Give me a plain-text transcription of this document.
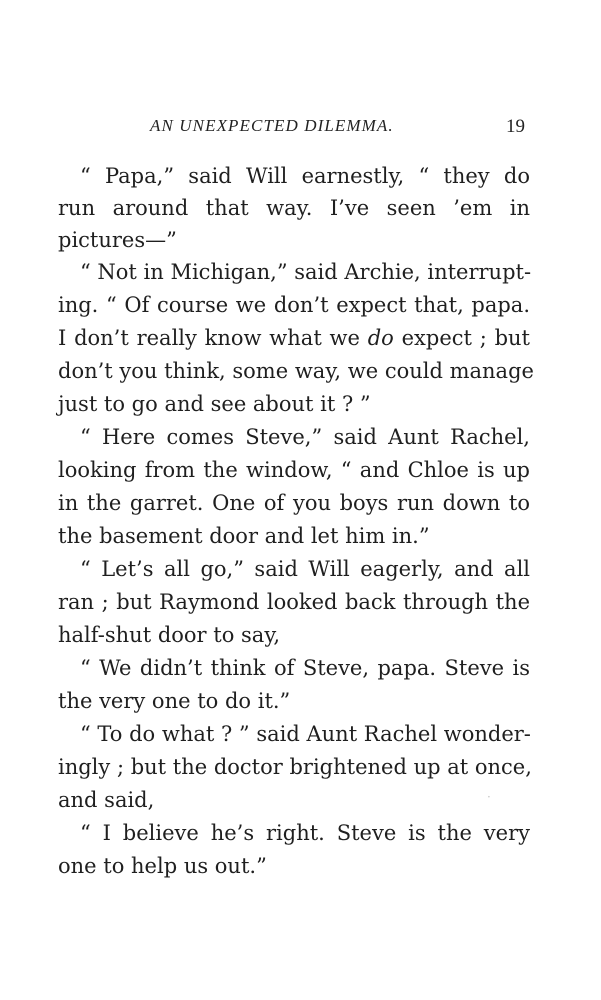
AN UNEXPECTED DILEMMA.	19
“ Papa,” said Will earnestly, “ they do
run around that way. I’ve seen ’em in
pictures—”
“ Not in Michigan,” said Archie, interrupt-
ing. “ Of course we don’t expect that, papa.
I don’t really know what we do expect ; but
don’t you think, some way, we could manage
just to go and see about it ? ”
“ Here comes Steve,” said Aunt Rachel,
looking from the window, “ and Chloe is up
in the garret. One of you boys run down to
the basement door and let him in.”
“ Let’s all go,” said Will eagerly, and all
ran ; but Raymond looked back through the
half-shut door to say,
“ We didn’t think of Steve, papa. Steve is
the very one to do it.”
“ To do what ? ” said Aunt Rachel wonder-
ingly ; but the doctor brightened up at once,
and said,
“ I believe he’s right. Steve is the very
one to help us out.”
·
